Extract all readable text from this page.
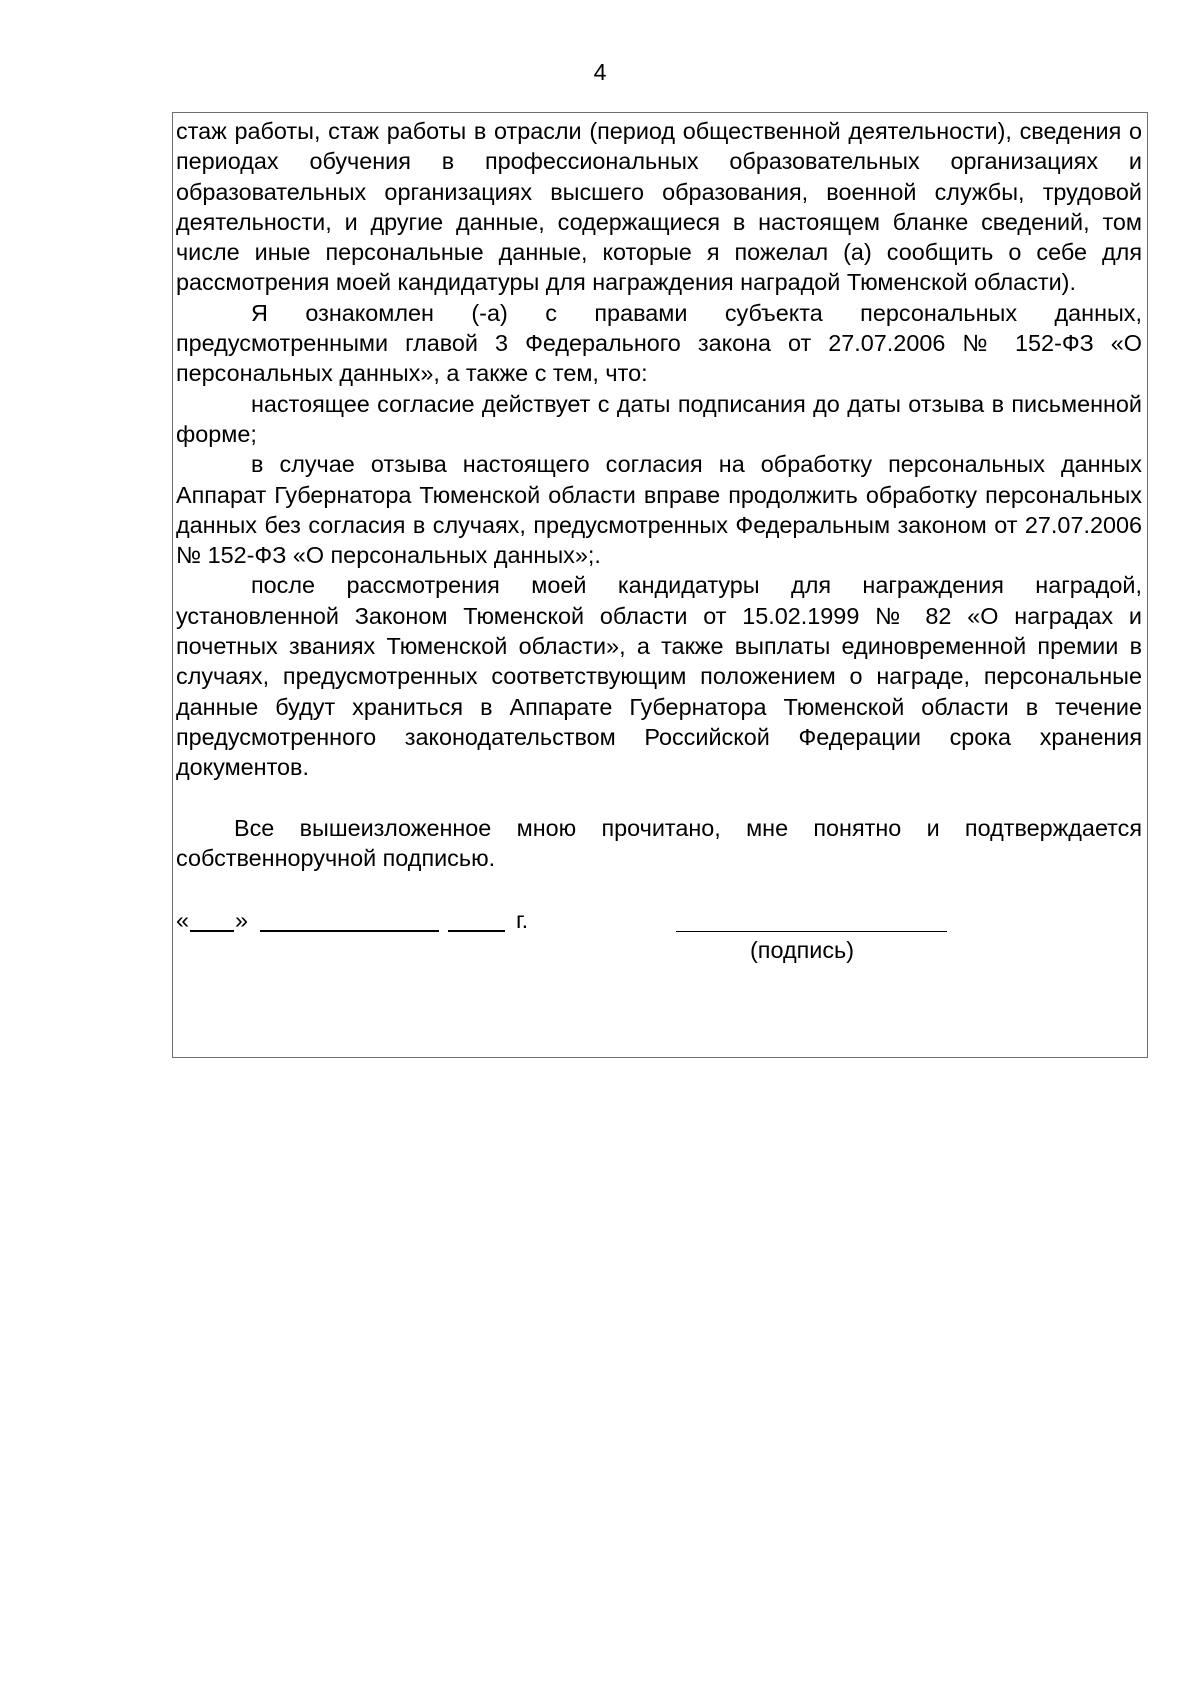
4

стаж работы, стаж работы в отрасли (период общественной деятельности), сведения о периодах обучения в профессиональных образовательных организациях и образовательных организациях высшего образования, военной службы, трудовой деятельности, и другие данные, содержащиеся в настоящем бланке сведений, том числе иные персональные данные, которые я пожелал (а) сообщить о себе для рассмотрения моей кандидатуры для награждения наградой Тюменской области).

Я ознакомлен (-а) с правами субъекта персональных данных, предусмотренными главой 3 Федерального закона от 27.07.2006 № 152-ФЗ «О персональных данных», а также с тем, что:

настоящее согласие действует с даты подписания до даты отзыва в письменной форме;

в случае отзыва настоящего согласия на обработку персональных данных Аппарат Губернатора Тюменской области вправе продолжить обработку персональных данных без согласия в случаях, предусмотренных Федеральным законом от 27.07.2006 № 152-ФЗ «О персональных данных»;.

после рассмотрения моей кандидатуры для награждения наградой, установленной Законом Тюменской области от 15.02.1999 № 82 «О наградах и почетных званиях Тюменской области», а также выплаты единовременной премии в случаях, предусмотренных соответствующим положением о награде, персональные данные будут храниться в Аппарате Губернатора Тюменской области в течение предусмотренного законодательством Российской Федерации срока хранения документов.

Все вышеизложенное мною прочитано, мне понятно и подтверждается собственноручной подписью.

« »	г.
(подпись)
